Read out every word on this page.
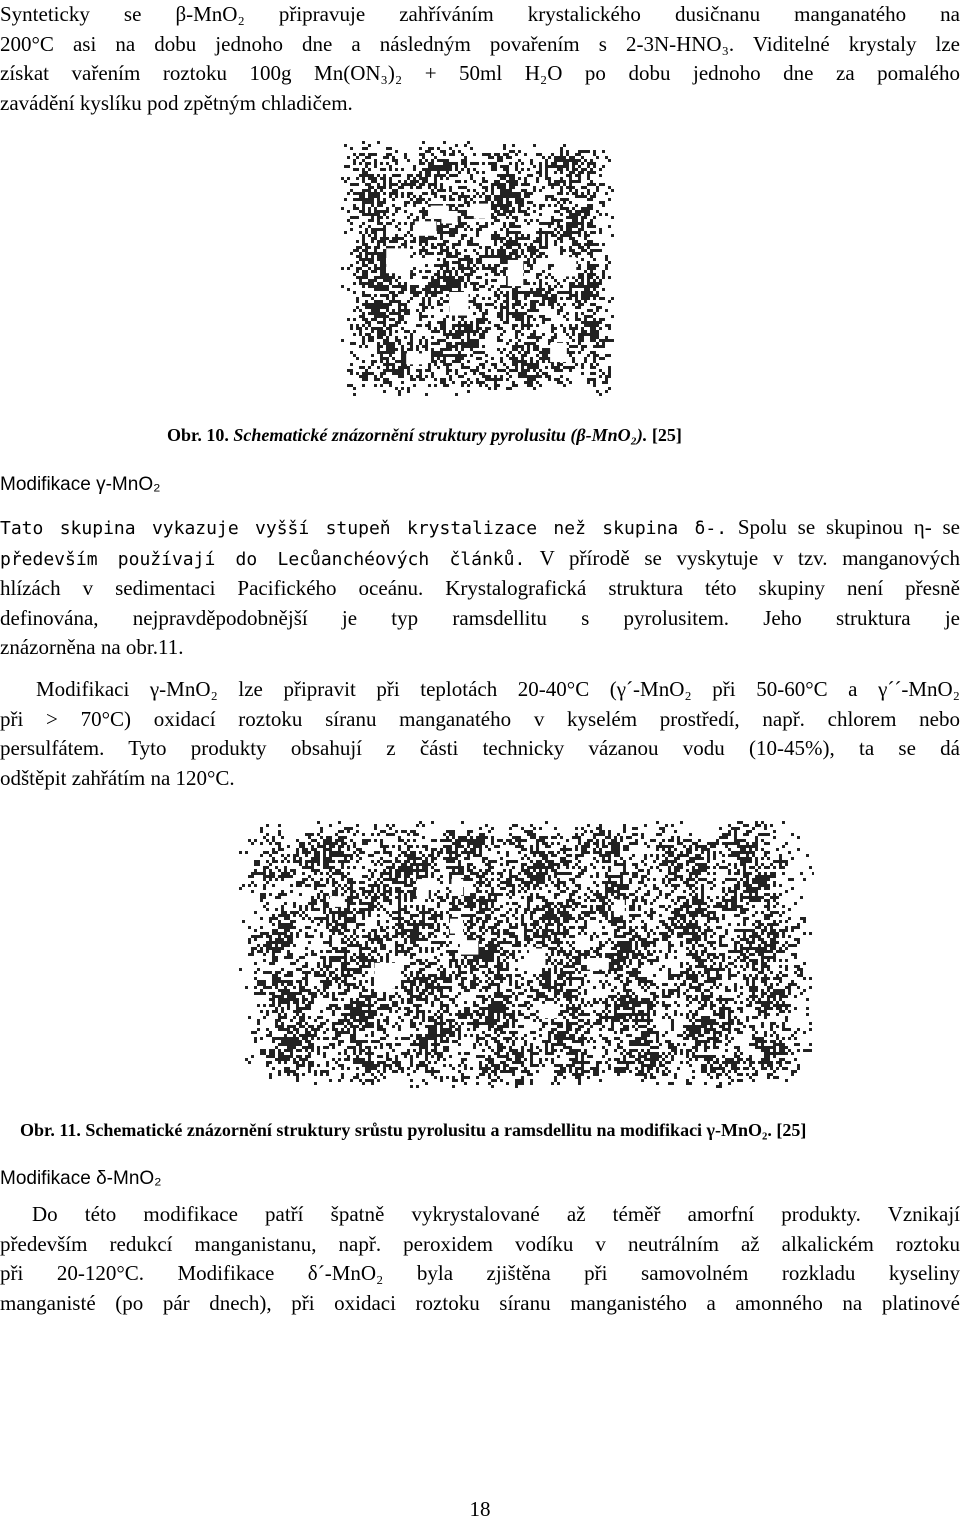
Synteticky se β-MnO₂ připravuje zahříváním krystalického dusičnanu manganatého na

200°C asi na dobu jednoho dne a následným povařením s 2-3N-HNO₃. Viditelné krystaly lze

získat vařením roztoku 100g Mn(ON₃)₂ + 50ml H₂O po dobu jednoho dne za pomalého

zavádění kyslíku pod zpětným chladičem.

Obr. 10. Schematické znázornění struktury pyrolusitu (β-MnO₂). [25]
Modifikace γ-MnO₂

Tato skupina vykazuje vyšší stupeň krystalizace než skupina δ-. Spolu se skupinou η- se

především používají do Lecůanchéových článků. V přírodě se vyskytuje v tzv. manganových

hlízách v sedimentaci Pacifického oceánu. Krystalografická struktura této skupiny není přesně

definována, nejpravděpodobnější je typ ramsdellitu s pyrolusitem. Jeho struktura je

znázorněna na obr.11.

Modifikaci γ-MnO₂ lze připravit při teplotách 20-40°C (γ´-MnO₂ při 50-60°C a γ´´-MnO₂

při > 70°C) oxidací roztoku síranu manganatého v kyselém prostředí, např. chlorem nebo

persulfátem. Tyto produkty obsahují z části technicky vázanou vodu (10-45%), ta se dá

odštěpit zahřátím na 120°C.

Obr. 11. Schematické znázornění struktury srůstu pyrolusitu a ramsdellitu na modifikaci γ-MnO₂. [25]
Modifikace δ-MnO₂

Do této modifikace patří špatně vykrystalované až téměř amorfní produkty. Vznikají

především redukcí manganistanu, např. peroxidem vodíku v neutrálním až alkalickém roztoku

při 20-120°C. Modifikace δ´-MnO₂ byla zjištěna při samovolném rozkladu kyseliny

manganisté (po pár dnech), při oxidaci roztoku síranu manganistého a amonného na platinové

18
